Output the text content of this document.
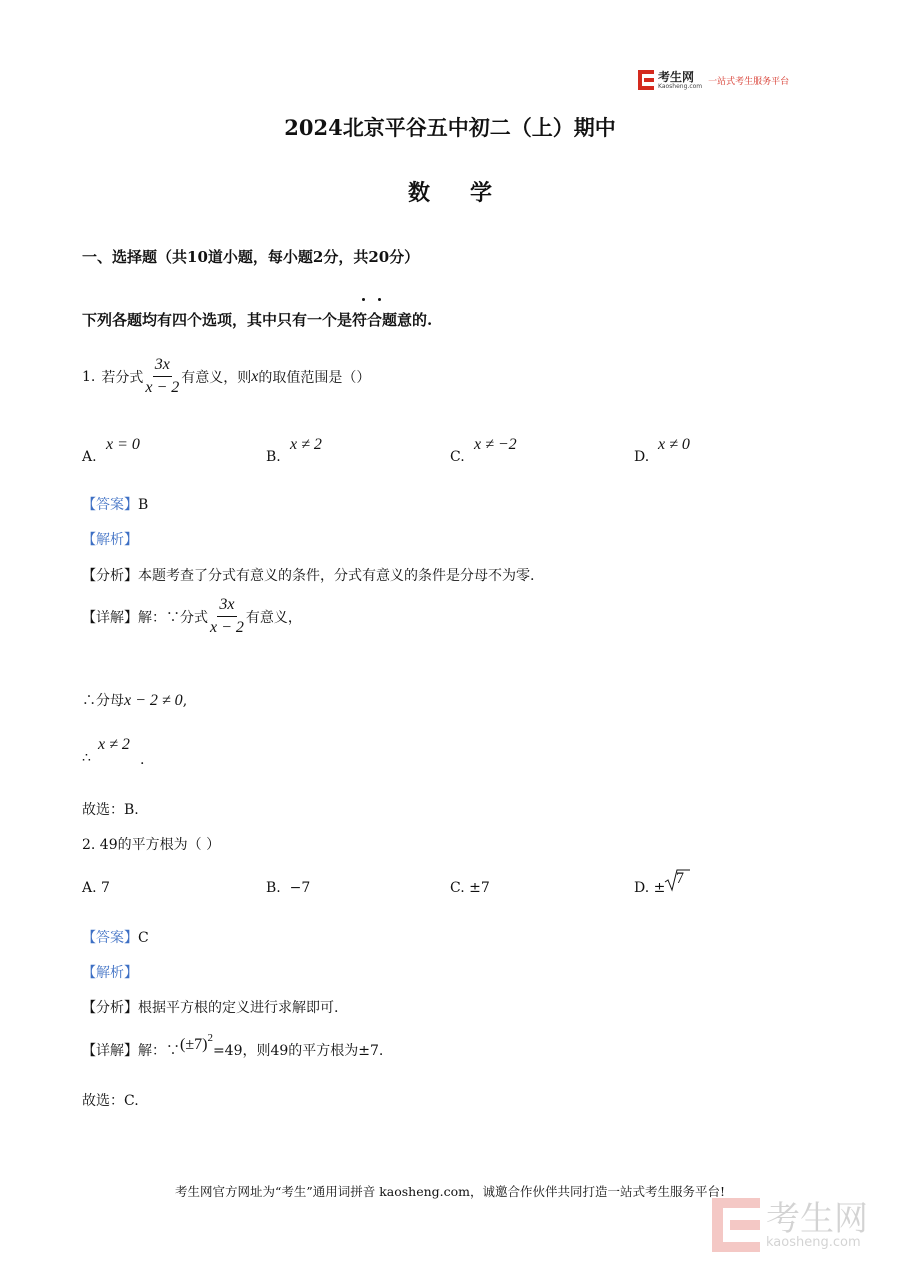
考生网
Kaosheng.com 一站式考生服务平台
2024北京平谷五中初二（上）期中
数学
一、选择题（共10道小题，每小题2分，共20分）
下列各题均有四个选项，其中只有一个是符合题意的.
1. 若分式 $\frac{3x}{x - 2}$ 有意义，则 x 的取值范围是（）
A.
x = 0
B.
x ≠ 2
C.
x ≠ −2
D.
x ≠ 0
【答案】B
【解析】
【分析】本题考查了分式有意义的条件，分式有意义的条件是分母不为零.
【详解】 解：∵分式 $\frac{3x}{x - 2}$ 有意义，
∴分母 x − 2 ≠ 0 ,
∴
x ≠ 2
.
故选：B.
2. 49的平方根为（ ）
A. 7	B. −7	C. ±7	D. ±
7
【答案】C
【解析】
【分析】根据平方根的定义进行求解即可.
【详解】 解：∵ (±7) 2
=49，则49的平方根为±7.
故选：C.
考生网官方网址为“考生”通用词拼音 kaosheng.com，诚邀合作伙伴共同打造一站式考生服务平台!
考生网
kaosheng.com
